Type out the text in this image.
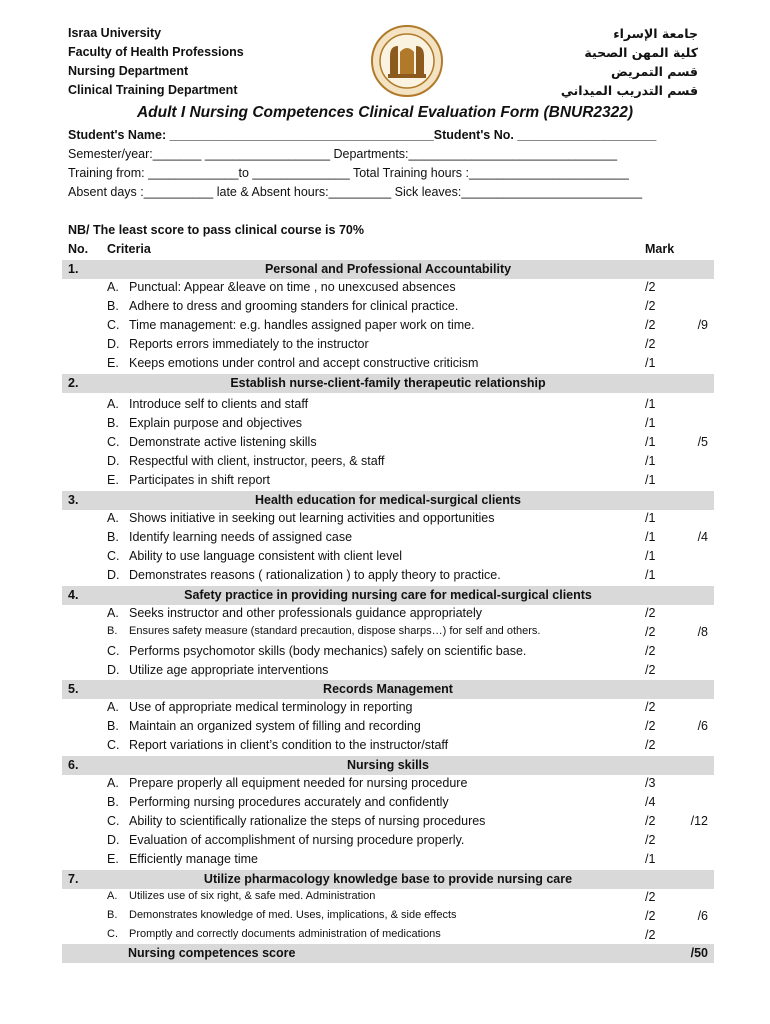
Israa University
Faculty of Health Professions
Nursing Department
Clinical Training Department
جامعة الإسراء
كلية المهن الصحية
قسم التمريض
قسم التدريب الميداني
Adult I Nursing Competences Clinical Evaluation Form (BNUR2322)
Student's Name: ______________________________________Student's No. ____________________
Semester/year:_______ __________________ Departments:______________________________
Training from: _____________to ______________ Total Training hours :_______________________
Absent days :__________ late & Absent hours:_________ Sick leaves:__________________________
NB/ The least score to pass clinical course is 70%
No. Criteria	Mark
1.	Personal and Professional Accountability
A. Punctual: Appear &leave on time , no unexcused absences	/2
B. Adhere to dress and grooming standers for clinical practice.	/2
C. Time management: e.g. handles assigned paper work on time.	/2
D. Reports errors immediately to the instructor	/2
E. Keeps emotions under control and accept constructive criticism	/1
/9
2.	Establish nurse-client-family therapeutic relationship
A. Introduce self to clients and staff	/1
B. Explain purpose and objectives	/1
C. Demonstrate active listening skills	/1
D. Respectful with client, instructor, peers, & staff	/1
E. Participates in shift report	/1
/5
3.	Health education for medical-surgical clients
A. Shows initiative in seeking out learning activities and opportunities	/1
B. Identify learning needs of assigned case	/1
C. Ability to use language consistent with client level	/1
D. Demonstrates reasons ( rationalization ) to apply theory to practice.	/1
/4
4.	Safety practice in providing nursing care for medical-surgical clients
A. Seeks instructor and other professionals guidance appropriately	/2
B. Ensures safety measure (standard precaution, dispose sharps…) for self and others.	/2
C. Performs psychomotor skills (body mechanics) safely on scientific base.	/2
D. Utilize age appropriate interventions	/2
/8
5.	Records Management
A. Use of appropriate medical terminology in reporting	/2
B. Maintain an organized system of filling and recording	/2
C. Report variations in client’s condition to the instructor/staff	/2
/6
6.	Nursing skills
A. Prepare properly all equipment needed for nursing procedure	/3
B. Performing nursing procedures accurately and confidently	/4
C. Ability to scientifically rationalize the steps of nursing procedures	/2
D. Evaluation of accomplishment of nursing procedure properly.	/2
E. Efficiently manage time	/1
/12
7.	Utilize pharmacology knowledge base to provide nursing care
A. Utilizes use of six right, & safe med. Administration	/2
B. Demonstrates knowledge of med. Uses, implications, & side effects	/2
C. Promptly and correctly documents administration of medications	/2
/6
Nursing competences score	/50
